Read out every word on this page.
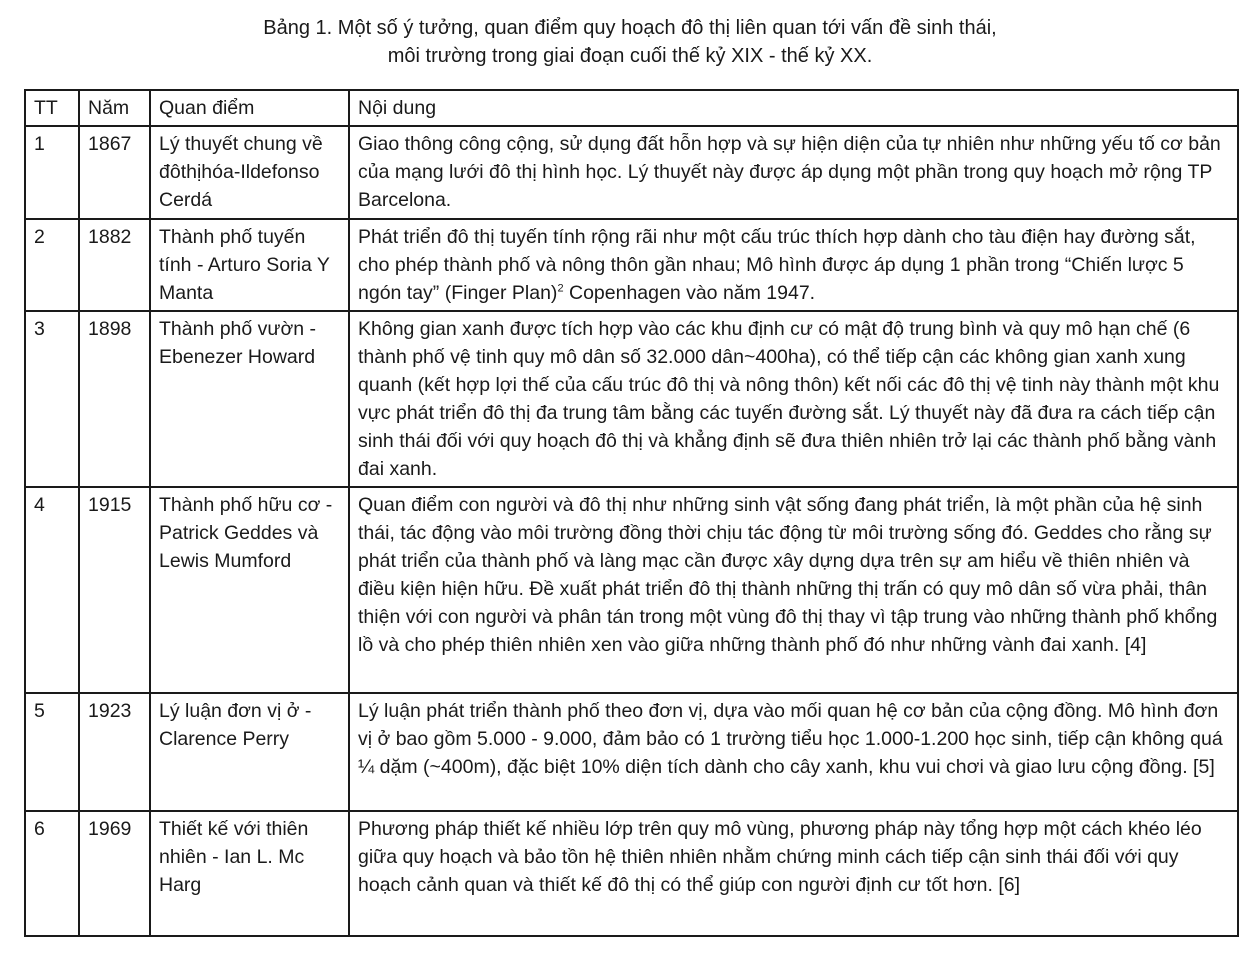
Bảng 1. Một số ý tưởng, quan điểm quy hoạch đô thị liên quan tới vấn đề sinh thái,
môi trường trong giai đoạn cuối thế kỷ XIX - thế kỷ XX.
TT	Năm	Quan điểm	Nội dung
1	1867	Lý thuyết chung về đôthịhóa-Ildefonso Cerdá	Giao thông công cộng, sử dụng đất hỗn hợp và sự hiện diện của tự nhiên như những yếu tố cơ bản của mạng lưới đô thị hình học. Lý thuyết này được áp dụng một phần trong quy hoạch mở rộng TP Barcelona.
2	1882	Thành phố tuyến tính - Arturo Soria Y Manta	Phát triển đô thị tuyến tính rộng rãi như một cấu trúc thích hợp dành cho tàu điện hay đường sắt, cho phép thành phố và nông thôn gần nhau; Mô hình được áp dụng 1 phần trong “Chiến lược 5 ngón tay” (Finger Plan)$^2$ Copenhagen vào năm 1947.
3	1898	Thành phố vườn - Ebenezer Howard	Không gian xanh được tích hợp vào các khu định cư có mật độ trung bình và quy mô hạn chế (6 thành phố vệ tinh quy mô dân số 32.000 dân~400ha), có thể tiếp cận các không gian xanh xung quanh (kết hợp lợi thế của cấu trúc đô thị và nông thôn) kết nối các đô thị vệ tinh này thành một khu vực phát triển đô thị đa trung tâm bằng các tuyến đường sắt. Lý thuyết này đã đưa ra cách tiếp cận sinh thái đối với quy hoạch đô thị và khẳng định sẽ đưa thiên nhiên trở lại các thành phố bằng vành đai xanh.
4	1915	Thành phố hữu cơ - Patrick Geddes và Lewis Mumford	Quan điểm con người và đô thị như những sinh vật sống đang phát triển, là một phần của hệ sinh thái, tác động vào môi trường đồng thời chịu tác động từ môi trường sống đó. Geddes cho rằng sự phát triển của thành phố và làng mạc cần được xây dựng dựa trên sự am hiểu về thiên nhiên và điều kiện hiện hữu. Đề xuất phát triển đô thị thành những thị trấn có quy mô dân số vừa phải, thân thiện với con người và phân tán trong một vùng đô thị thay vì tập trung vào những thành phố khổng lồ và cho phép thiên nhiên xen vào giữa những thành phố đó như những vành đai xanh. [4]
5	1923	Lý luận đơn vị ở - Clarence Perry	Lý luận phát triển thành phố theo đơn vị, dựa vào mối quan hệ cơ bản của cộng đồng. Mô hình đơn vị ở bao gồm 5.000 - 9.000, đảm bảo có 1 trường tiểu học 1.000-1.200 học sinh, tiếp cận không quá ¼ dặm (~400m), đặc biệt 10% diện tích dành cho cây xanh, khu vui chơi và giao lưu cộng đồng. [5]
6	1969	Thiết kế với thiên nhiên - Ian L. Mc Harg	Phương pháp thiết kế nhiều lớp trên quy mô vùng, phương pháp này tổng hợp một cách khéo léo giữa quy hoạch và bảo tồn hệ thiên nhiên nhằm chứng minh cách tiếp cận sinh thái đối với quy hoạch cảnh quan và thiết kế đô thị có thể giúp con người định cư tốt hơn. [6]
